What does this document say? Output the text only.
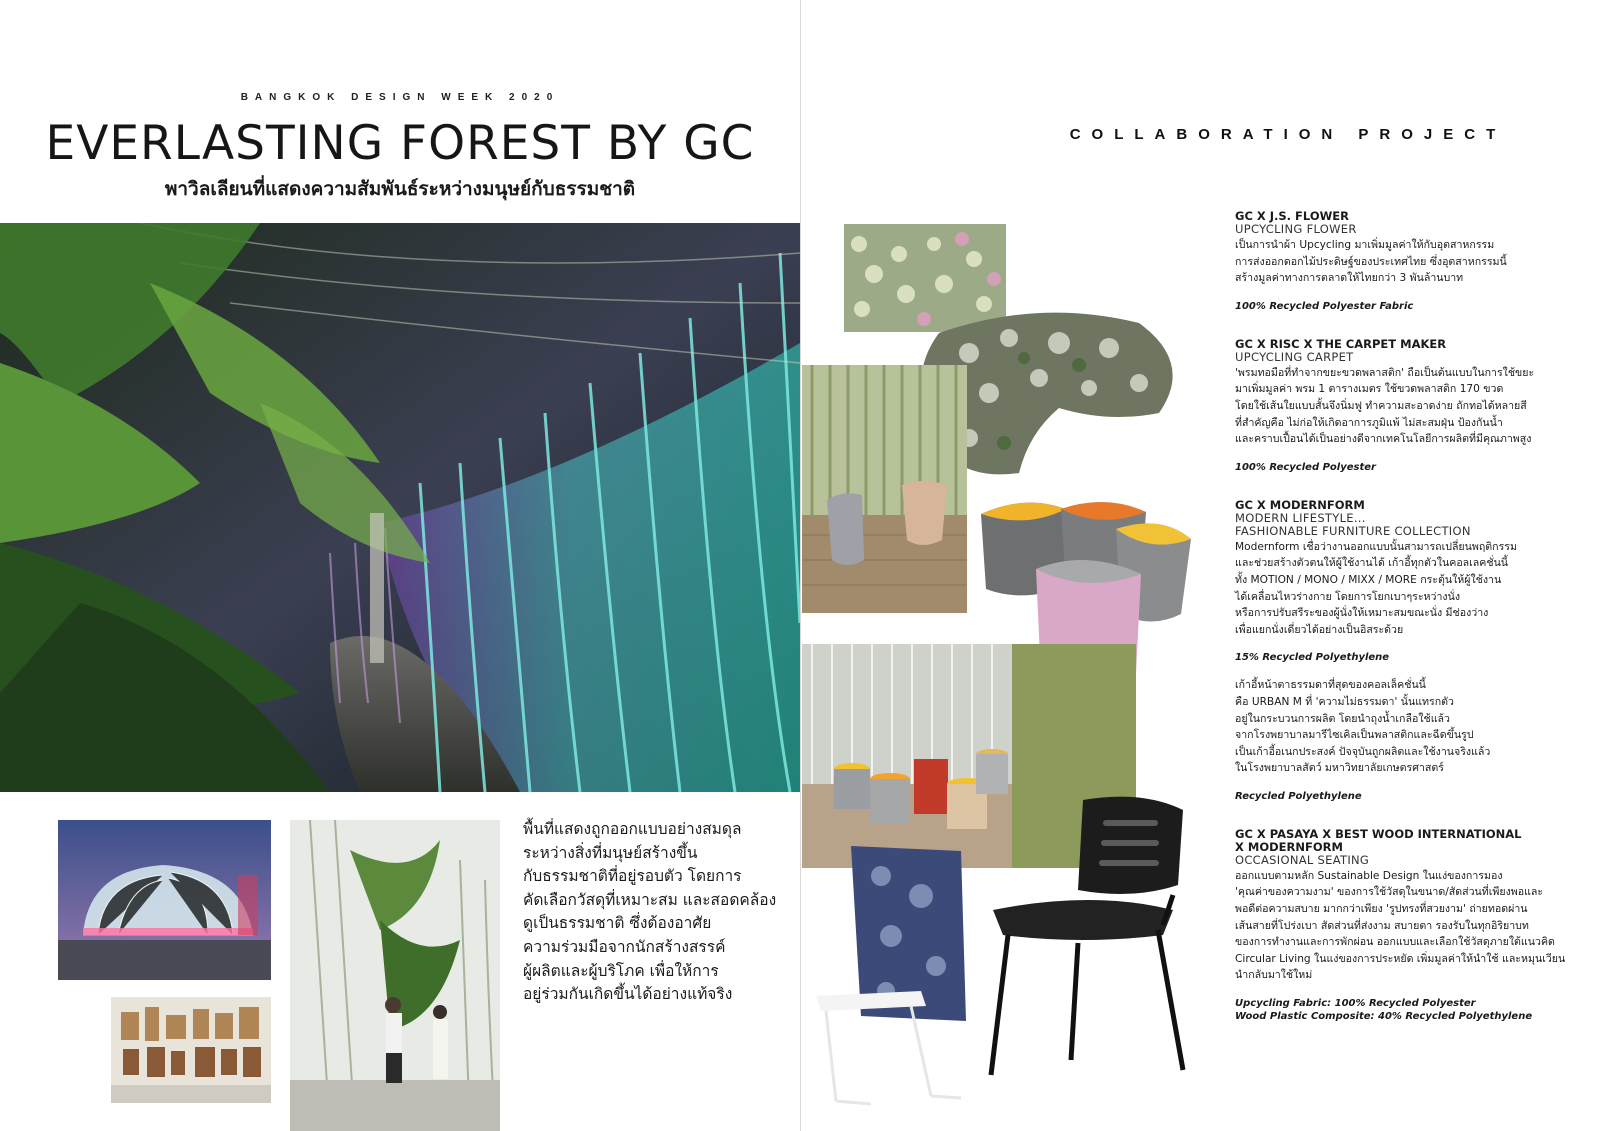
BANGKOK DESIGN WEEK 2020
EVERLASTING FOREST BY GC
พาวิลเลียนที่แสดงความสัมพันธ์ระหว่างมนุษย์กับธรรมชาติ
พื้นที่แสดงถูกออกแบบอย่างสมดุล
ระหว่างสิ่งที่มนุษย์สร้างขึ้น
กับธรรมชาติที่อยู่รอบตัว โดยการ
คัดเลือกวัสดุที่เหมาะสม และสอดคล้อง
ดูเป็นธรรมชาติ ซึ่งต้องอาศัย
ความร่วมมือจากนักสร้างสรรค์
ผู้ผลิตและผู้บริโภค เพื่อให้การ
อยู่ร่วมกันเกิดขึ้นได้อย่างแท้จริง
COLLABORATION PROJECT
GC X J.S. FLOWER
UPCYCLING FLOWER
เป็นการนำผ้า Upcycling มาเพิ่มมูลค่าให้กับอุตสาหกรรม
การส่งออกดอกไม้ประดิษฐ์ของประเทศไทย ซึ่งอุตสาหกรรมนี้
สร้างมูลค่าทางการตลาดให้ไทยกว่า 3 พันล้านบาท
100% Recycled Polyester Fabric
GC X RISC X THE CARPET MAKER
UPCYCLING CARPET
'พรมทอมือที่ทำจากขยะขวดพลาสติก' ถือเป็นต้นแบบในการใช้ขยะ
มาเพิ่มมูลค่า พรม 1 ตารางเมตร ใช้ขวดพลาสติก 170 ขวด
โดยใช้เส้นใยแบบสั้นจึงนิ่มฟู ทำความสะอาดง่าย ถักทอได้หลายสี
ที่สำคัญคือ ไม่ก่อให้เกิดอาการภูมิแพ้ ไม่สะสมฝุ่น ป้องกันน้ำ
และคราบเปื้อนได้เป็นอย่างดีจากเทคโนโลยีการผลิตที่มีคุณภาพสูง
100% Recycled Polyester
GC X MODERNFORM
MODERN LIFESTYLE...
FASHIONABLE FURNITURE COLLECTION
Modernform เชื่อว่างานออกแบบนั้นสามารถเปลี่ยนพฤติกรรม
และช่วยสร้างตัวตนให้ผู้ใช้งานได้ เก้าอี้ทุกตัวในคอลเลคชั่นนี้
ทั้ง MOTION / MONO / MIXX / MORE กระตุ้นให้ผู้ใช้งาน
ได้เคลื่อนไหวร่างกาย โดยการโยกเบาๆระหว่างนั่ง
หรือการปรับสรีระของผู้นั่งให้เหมาะสมขณะนั่ง มีช่องว่าง
เพื่อแยกนั่งเดี่ยวได้อย่างเป็นอิสระด้วย
15% Recycled Polyethylene
เก้าอี้หน้าตาธรรมดาที่สุดของคอลเล็คชั่นนี้
คือ URBAN M ที่ 'ความไม่ธรรมดา' นั้นแทรกตัว
อยู่ในกระบวนการผลิต โดยนำถุงน้ำเกลือใช้แล้ว
จากโรงพยาบาลมารีไซเคิลเป็นพลาสติกและฉีดขึ้นรูป
เป็นเก้าอี้อเนกประสงค์ ปัจจุบันถูกผลิตและใช้งานจริงแล้ว
ในโรงพยาบาลสัตว์ มหาวิทยาลัยเกษตรศาสตร์
Recycled Polyethylene
GC X PASAYA X BEST WOOD INTERNATIONAL
X MODERNFORM
OCCASIONAL SEATING
ออกแบบตามหลัก Sustainable Design ในแง่ของการมอง
'คุณค่าของความงาม' ของการใช้วัสดุในขนาด/สัดส่วนที่เพียงพอและ
พอดีต่อความสบาย มากกว่าเพียง 'รูปทรงที่สวยงาม' ถ่ายทอดผ่าน
เส้นสายที่โปร่งเบา สัดส่วนที่ส่งงาม สบายตา รองรับในทุกอิริยาบท
ของการทำงานและการพักผ่อน ออกแบบและเลือกใช้วัสดุภายใต้แนวคิด
Circular Living ในแง่ของการประหยัด เพิ่มมูลค่าให้นำใช้ และหมุนเวียน
นำกลับมาใช้ใหม่
Upcycling Fabric: 100% Recycled Polyester
Wood Plastic Composite: 40% Recycled Polyethylene
